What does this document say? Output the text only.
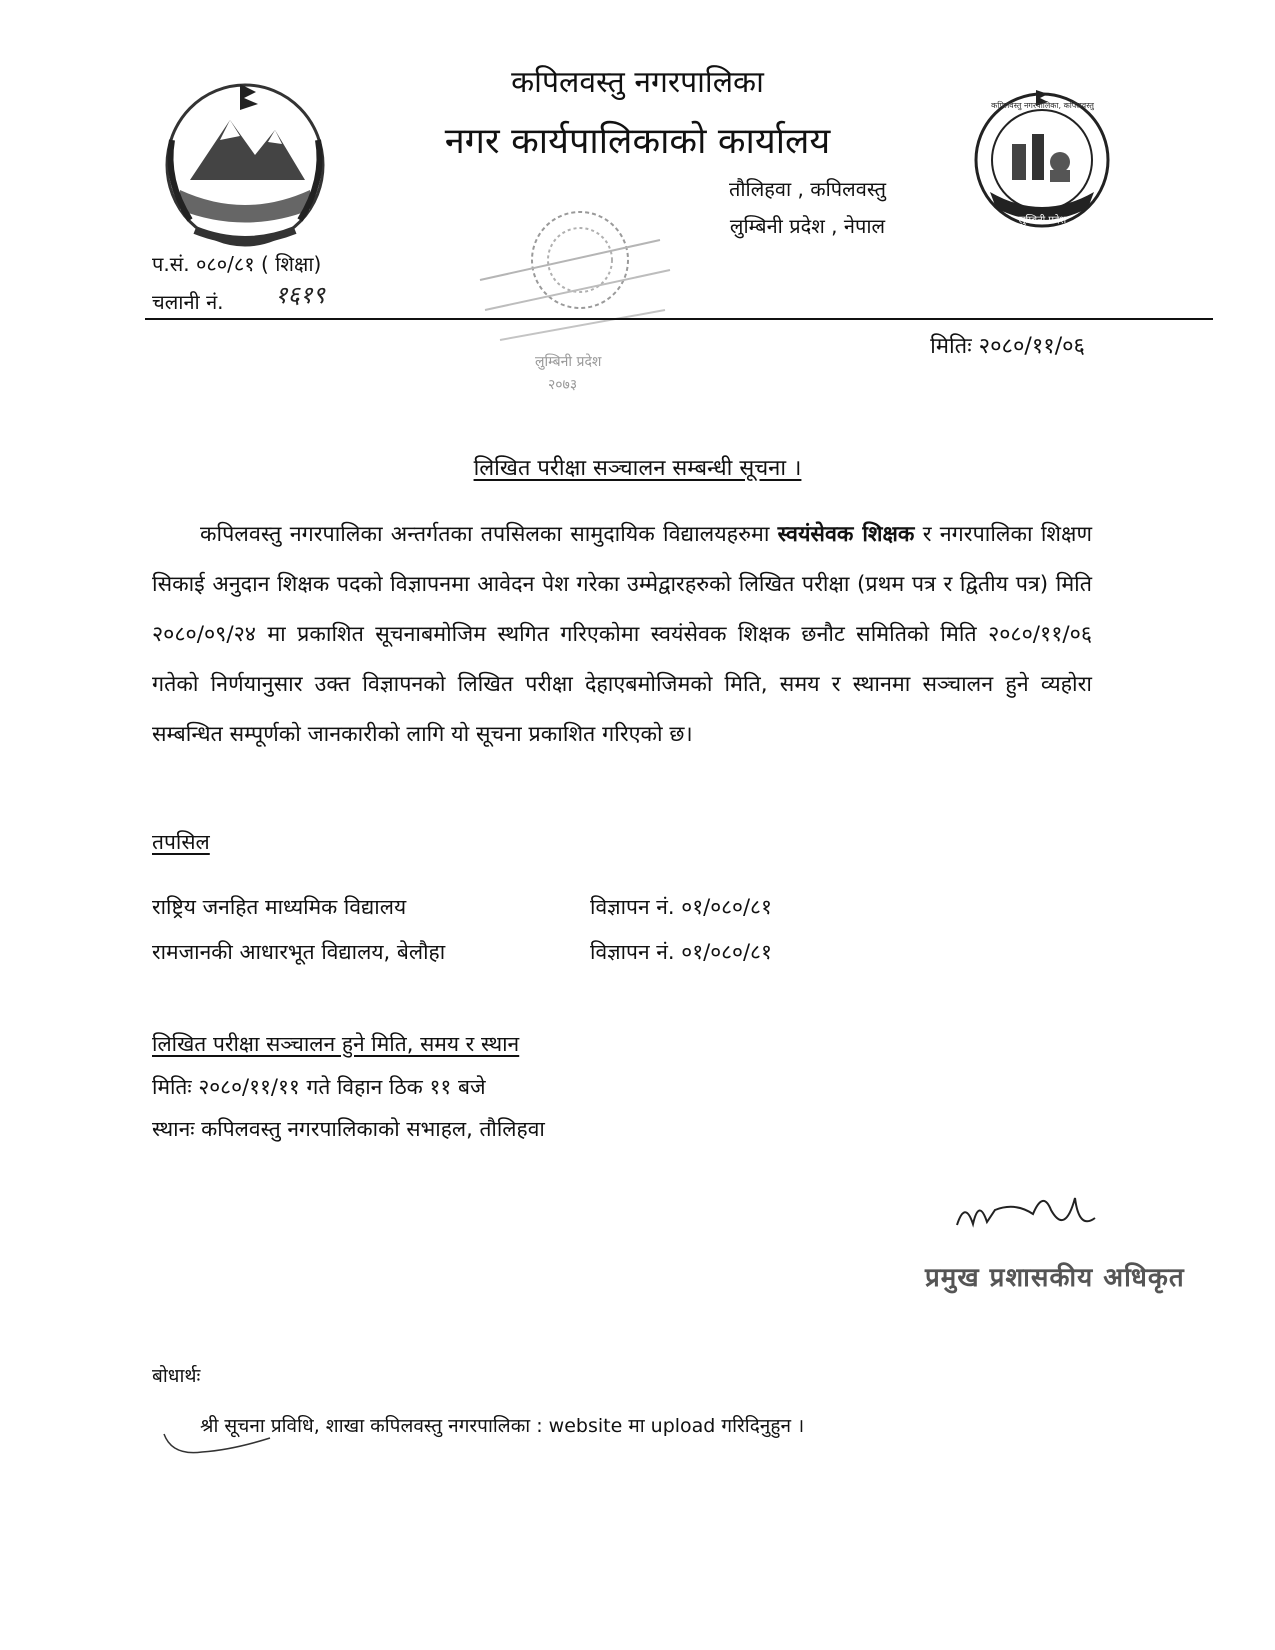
कपिलवस्तु नगरपालिका, कपिलवस्तु
लुम्बिनी प्रदेश
लुम्बिनी प्रदेश
२०७३
कपिलवस्तु नगरपालिका
नगर कार्यपालिकाको कार्यालय
तौलिहवा , कपिलवस्तु
लुम्बिनी प्रदेश , नेपाल
प.सं. ०८०/८१ ( शिक्षा)
चलानी नं. १६१९
मितिः २०८०/११/०६
लिखित परीक्षा सञ्चालन सम्बन्धी सूचना ।
कपिलवस्तु नगरपालिका अन्तर्गतका तपसिलका सामुदायिक विद्यालयहरुमा स्वयंसेवक शिक्षक र नगरपालिका शिक्षण सिकाई अनुदान शिक्षक पदको विज्ञापनमा आवेदन पेश गरेका उम्मेद्वारहरुको लिखित परीक्षा (प्रथम पत्र र द्वितीय पत्र) मिति २०८०/०९/२४ मा प्रकाशित सूचनाबमोजिम स्थगित गरिएकोमा स्वयंसेवक शिक्षक छनौट समितिको मिति २०८०/११/०६ गतेको निर्णयानुसार उक्त विज्ञापनको लिखित परीक्षा देहाएबमोजिमको मिति, समय र स्थानमा सञ्चालन हुने व्यहोरा सम्बन्धित सम्पूर्णको जानकारीको लागि यो सूचना प्रकाशित गरिएको छ।
तपसिल
राष्ट्रिय जनहित माध्यमिक विद्यालय	विज्ञापन नं. ०१/०८०/८१
रामजानकी आधारभूत विद्यालय, बेलौहा	विज्ञापन नं. ०१/०८०/८१
लिखित परीक्षा सञ्चालन हुने मिति, समय र स्थान
मितिः २०८०/११/११ गते विहान ठिक ११ बजे
स्थानः कपिलवस्तु नगरपालिकाको सभाहल, तौलिहवा
प्रमुख प्रशासकीय अधिकृत
बोधार्थः
श्री सूचना प्रविधि, शाखा कपिलवस्तु नगरपालिका : website मा upload गरिदिनुहुन ।
